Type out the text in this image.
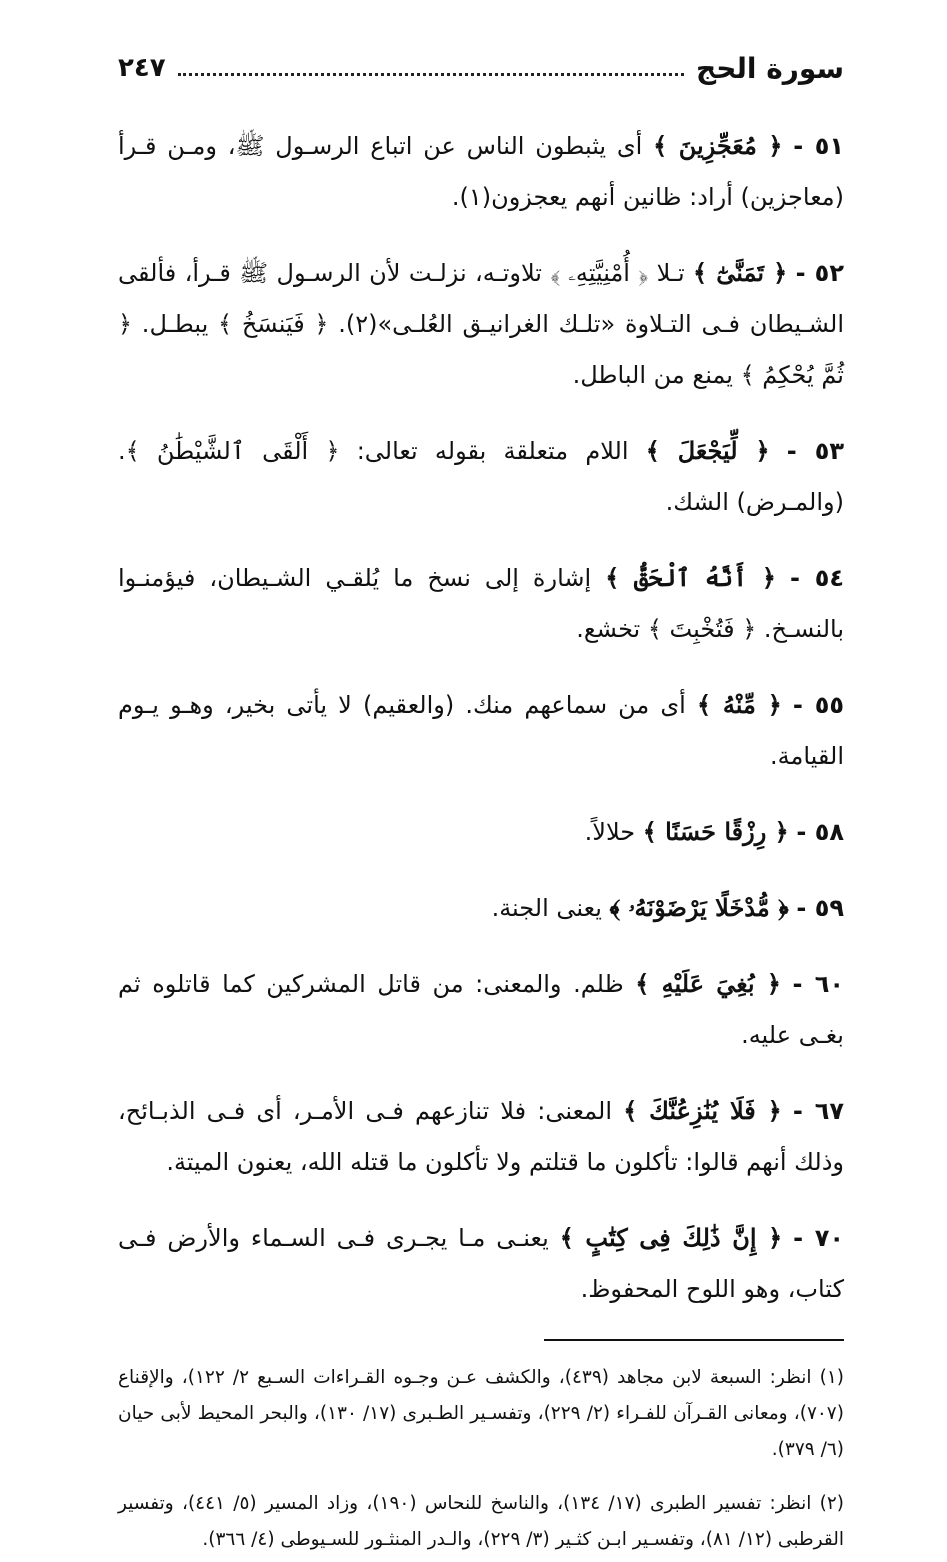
سورة الحج
٢٤٧

٥١ - ﴿ مُعَجِّزِينَ ﴾ أى يثبطون الناس عن اتباع الرسـول ﷺ، ومـن قـرأ (معاجزين) أراد: ظانين أنهم يعجزون(١).

٥٢ - ﴿ تَمَنَّىٰٓ ﴾ تـلا ﴿ أُمْنِيَّتِهِۦ ﴾ تلاوتـه، نزلـت لأن الرسـول ﷺ قـرأ، فألقى الشـيطان فـى التـلاوة «تلـك الغرانيـق العُلـى»(٢). ﴿ فَيَنسَخُ ﴾ يبطـل. ﴿ ثُمَّ يُحْكِمُ ﴾ يمنع من الباطل.

٥٣ - ﴿ لِّيَجْعَلَ ﴾ اللام متعلقة بقوله تعالى: ﴿ أَلْقَى ٱلشَّيْطَٰنُ ﴾. (والمـرض) الشك.

٥٤ - ﴿ أَنَّهُ ٱلْحَقُّ ﴾ إشارة إلى نسخ ما يُلقـي الشـيطان، فيؤمنـوا بالنسـخ. ﴿ فَتُخْبِتَ ﴾ تخشع.

٥٥ - ﴿ مِّنْهُ ﴾ أى من سماعهم منك. (والعقيم) لا يأتى بخير، وهـو يـوم القيامة.

٥٨ - ﴿ رِزْقًا حَسَنًا ﴾ حلالاً.

٥٩ - ﴿ مُّدْخَلًا يَرْضَوْنَهُۥ ﴾ يعنى الجنة.

٦٠ - ﴿ بُغِيَ عَلَيْهِ ﴾ ظلم. والمعنى: من قاتل المشركين كما قاتلوه ثم بغـى عليه.

٦٧ - ﴿ فَلَا يُنَٰزِعُنَّكَ ﴾ المعنى: فلا تنازعهم فـى الأمـر، أى فـى الذبـائح، وذلك أنهم قالوا: تأكلون ما قتلتم ولا تأكلون ما قتله الله، يعنون الميتة.

٧٠ - ﴿ إِنَّ ذَٰلِكَ فِى كِتَٰبٍ ﴾ يعنـى مـا يجـرى فـى السـماء والأرض فـى كتاب، وهو اللوح المحفوظ.

(١) انظر: السبعة لابن مجاهد (٤٣٩)، والكشف عـن وجـوه القـراءات السـبع ٢/ ١٢٢)، والإقناع (٧٠٧)، ومعانى القـرآن للفـراء (٢/ ٢٢٩)، وتفسـير الطـبرى (١٧/ ١٣٠)، والبحر المحيط لأبى حيان (٦/ ٣٧٩).

(٢) انظر: تفسير الطبرى (١٧/ ١٣٤)، والناسخ للنحاس (١٩٠)، وزاد المسير (٥/ ٤٤١)، وتفسير القرطبى (١٢/ ٨١)، وتفسـير ابـن كثـير (٣/ ٢٢٩)، والـدر المنثـور للسـيوطى (٤/ ٣٦٦).
